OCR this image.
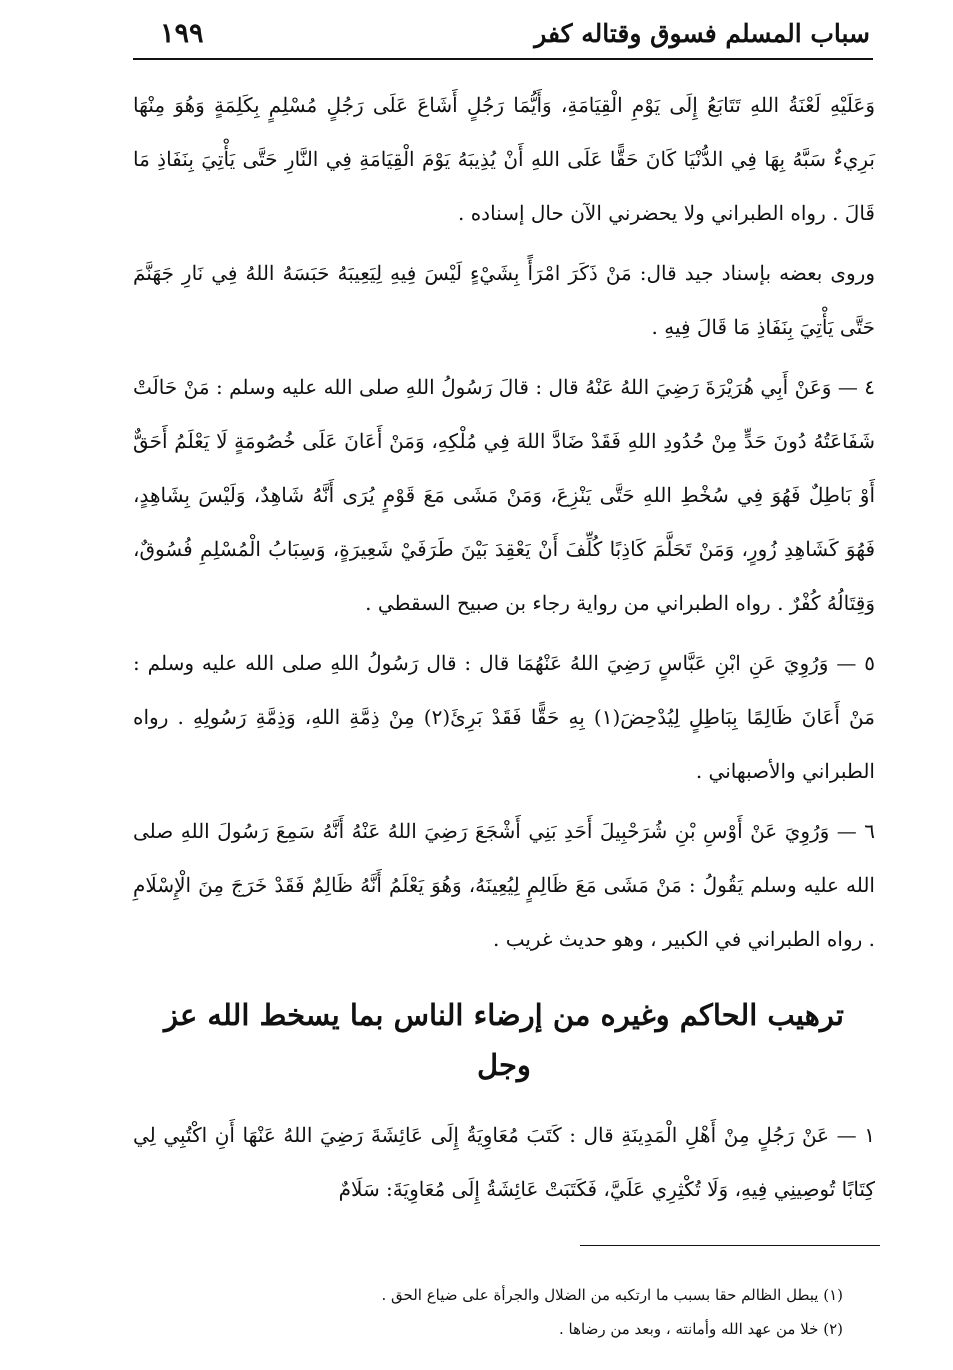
سباب المسلم فسوق وقتاله كفر
١٩٩

وَعَلَيْهِ لَعْنَةُ اللهِ تَتَابَعُ إِلَى يَوْمِ الْقِيَامَةِ، وَأَيُّمَا رَجُلٍ أَشَاعَ عَلَى رَجُلٍ مُسْلِمٍ بِكَلِمَةٍ وَهُوَ مِنْهَا بَرِيءٌ سَبَّهُ بِهَا فِي الدُّنْيَا كَانَ حَقًّا عَلَى اللهِ أَنْ يُذِيبَهُ يَوْمَ الْقِيَامَةِ فِي النَّارِ حَتَّى يَأْتِيَ بِنَفَاذِ مَا قَالَ . رواه الطبراني ولا يحضرني الآن حال إسناده .

وروى بعضه بإسناد جيد قال: مَنْ ذَكَرَ امْرَأً بِشَيْءٍ لَيْسَ فِيهِ لِيَعِيبَهُ حَبَسَهُ اللهُ فِي نَارِ جَهَنَّمَ حَتَّى يَأْتِيَ بِنَفَاذِ مَا قَالَ فِيهِ .

٤ — وَعَنْ أَبِي هُرَيْرَةَ رَضِيَ اللهُ عَنْهُ قال : قالَ رَسُولُ اللهِ صلى الله عليه وسلم : مَنْ حَالَتْ شَفَاعَتُهُ دُونَ حَدٍّ مِنْ حُدُودِ اللهِ فَقَدْ ضَادَّ اللهَ فِي مُلْكِهِ، وَمَنْ أَعَانَ عَلَى خُصُومَةٍ لَا يَعْلَمُ أَحَقٌّ أَوْ بَاطِلٌ فَهُوَ فِي سُخْطِ اللهِ حَتَّى يَنْزِعَ، وَمَنْ مَشَى مَعَ قَوْمٍ يُرَى أَنَّهُ شَاهِدٌ، وَلَيْسَ بِشَاهِدٍ، فَهُوَ كَشَاهِدِ زُورٍ، وَمَنْ تَحَلَّمَ كَاذِبًا كُلِّفَ أَنْ يَعْقِدَ بَيْنَ طَرَفَيْ شَعِيرَةٍ، وَسِبَابُ الْمُسْلِمِ فُسُوقٌ، وَقِتَالُهُ كُفْرٌ . رواه الطبراني من رواية رجاء بن صبيح السقطي .

٥ — وَرُوِيَ عَنِ ابْنِ عَبَّاسٍ رَضِيَ اللهُ عَنْهُمَا قال : قال رَسُولُ اللهِ صلى الله عليه وسلم : مَنْ أَعَانَ ظَالِمًا بِبَاطِلٍ لِيُدْحِضَ(١) بِهِ حَقًّا فَقَدْ بَرِئَ(٢) مِنْ ذِمَّةِ اللهِ، وَذِمَّةِ رَسُولِهِ . رواه الطبراني والأصبهاني .

٦ — وَرُوِيَ عَنْ أَوْسِ بْنِ شُرَحْبِيلَ أَحَدِ بَنِي أَشْجَعَ رَضِيَ اللهُ عَنْهُ أَنَّهُ سَمِعَ رَسُولَ اللهِ صلى الله عليه وسلم يَقُولُ : مَنْ مَشَى مَعَ ظَالِمٍ لِيُعِينَهُ، وَهُوَ يَعْلَمُ أَنَّهُ ظَالِمٌ فَقَدْ خَرَجَ مِنَ الْإِسْلَامِ . رواه الطبراني في الكبير ، وهو حديث غريب .

ترهيب الحاكم وغيره من إرضاء الناس بما يسخط الله عز وجل

١ — عَنْ رَجُلٍ مِنْ أَهْلِ الْمَدِينَةِ قال : كَتَبَ مُعَاوِيَةُ إِلَى عَائِشَةَ رَضِيَ اللهُ عَنْهَا أَنِ اكْتُبِي لِي كِتَابًا تُوصِينِي فِيهِ، وَلَا تُكْثِرِي عَلَيَّ، فَكَتَبَتْ عَائِشَةُ إِلَى مُعَاوِيَةَ: سَلَامٌ

(١) يبطل الظالم حقا بسبب ما ارتكبه من الضلال والجرأة على ضياع الحق .

(٢) خلا من عهد الله وأمانته ، وبعد من رضاها .
